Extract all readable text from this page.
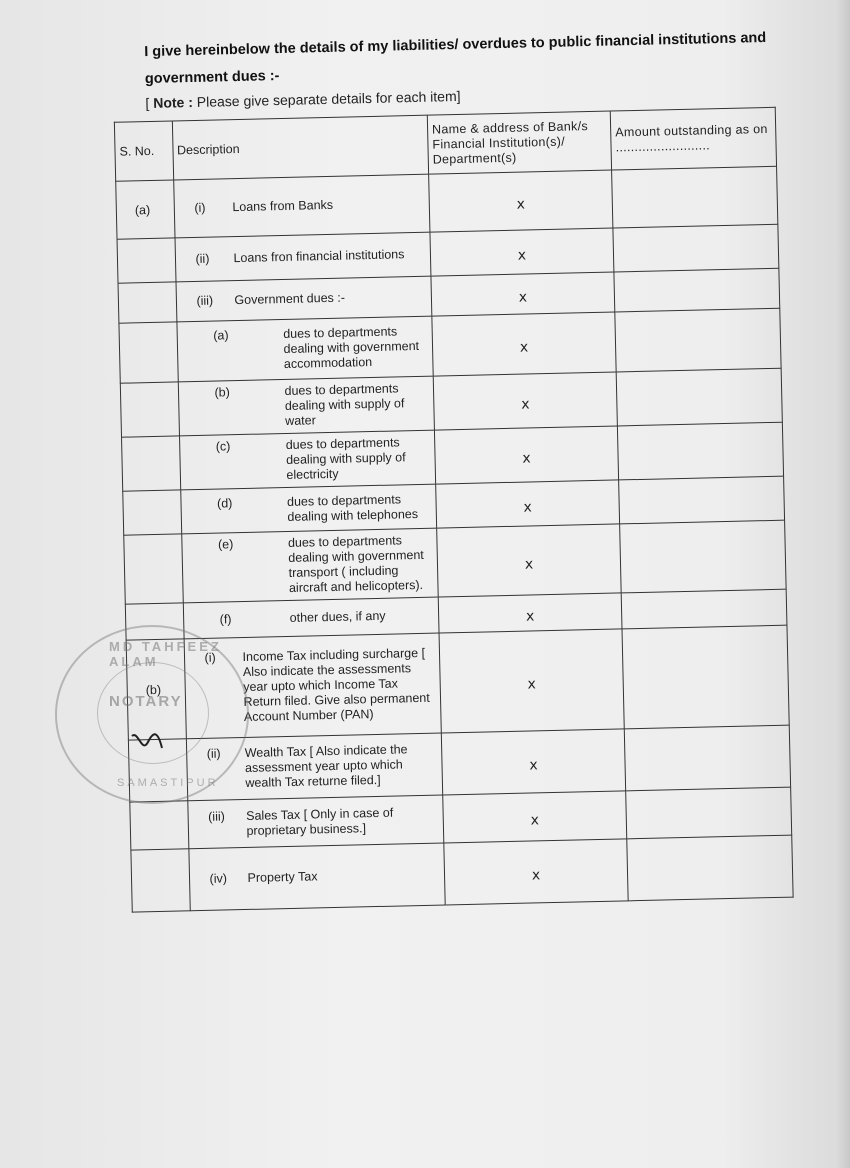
I give hereinbelow the details of my liabilities/ overdues to public financial institutions and government dues :-
[ Note : Please give separate details for each item]
S. No.	Description	Name & address of Bank/s Financial Institution(s)/ Department(s)	Amount outstanding as on .........................
(a)	(i) Loans from Banks	x	

	(ii) Loans fron financial institutions	x	

	(iii) Government dues :-	x	

	(a) dues to departments dealing with government accommodation	x	

	(b) dues to departments dealing with supply of water	x	

	(c) dues to departments dealing with supply of electricity	x	

	(d) dues to departments dealing with telephones	x	

	(e) dues to departments dealing with government transport ( including aircraft and helicopters).	x	

	(f) other dues, if any	x	
(b)	(i) Income Tax including surcharge [ Also indicate the assessments year upto which Income Tax Return filed. Give also permanent Account Number (PAN)	x	

	(ii) Wealth Tax [ Also indicate the assessment year upto which wealth Tax returne filed.]	x	

	(iii) Sales Tax [ Only in case of proprietary business.]	x	

	(iv) Property Tax	x	
MD TAHFEEZ ALAM
NOTARY
SAMASTIPUR
